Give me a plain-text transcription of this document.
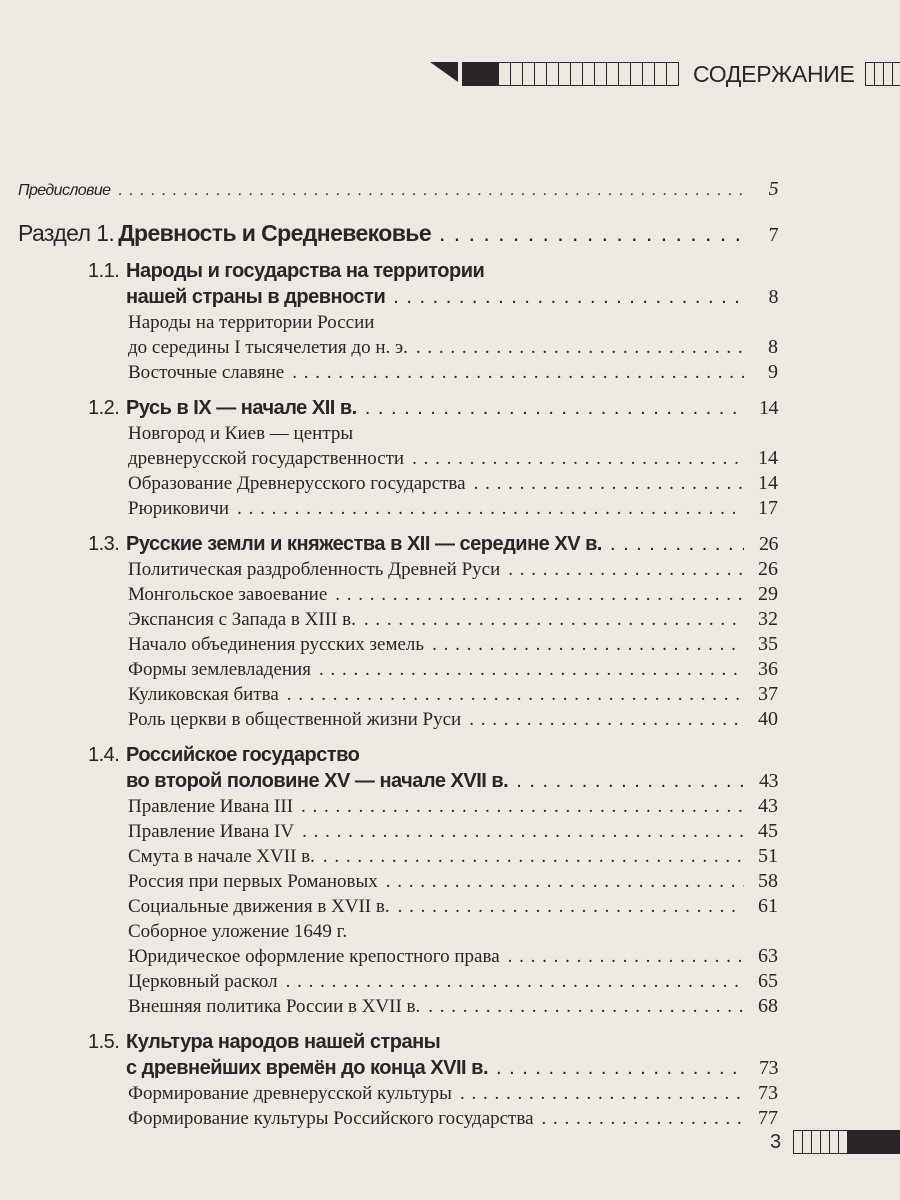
СОДЕРЖАНИЕ
Предисловие . . .	5
Раздел 1. Древность и Средневековье . . .	7
1.1. Народы и государства на территории
нашей страны в древности . . .	8
Народы на территории России
до середины I тысячелетия до н. э. . . .	8
Восточные славяне . . .	9
1.2. Русь в IX — начале XII в. . . .	14
Новгород и Киев — центры
древнерусской государственности . . .	14
Образование Древнерусского государства . . .	14
Рюриковичи . . .	17
1.3. Русские земли и княжества в XII — середине XV в. . . .	26
Политическая раздробленность Древней Руси . . .	26
Монгольское завоевание . . .	29
Экспансия с Запада в XIII в. . . .	32
Начало объединения русских земель . . .	35
Формы землевладения . . .	36
Куликовская битва . . .	37
Роль церкви в общественной жизни Руси . . .	40
1.4. Российское государство
во второй половине XV — начале XVII в. . . .	43
Правление Ивана III . . .	43
Правление Ивана IV . . .	45
Смута в начале XVII в. . . .	51
Россия при первых Романовых . . .	58
Социальные движения в XVII в. . . .	61
Соборное уложение 1649 г.
Юридическое оформление крепостного права . . .	63
Церковный раскол . . .	65
Внешняя политика России в XVII в. . . .	68
1.5. Культура народов нашей страны
с древнейших времён до конца XVII в. . . .	73
Формирование древнерусской культуры . . .	73
Формирование культуры Российского государства . . .	77
3
